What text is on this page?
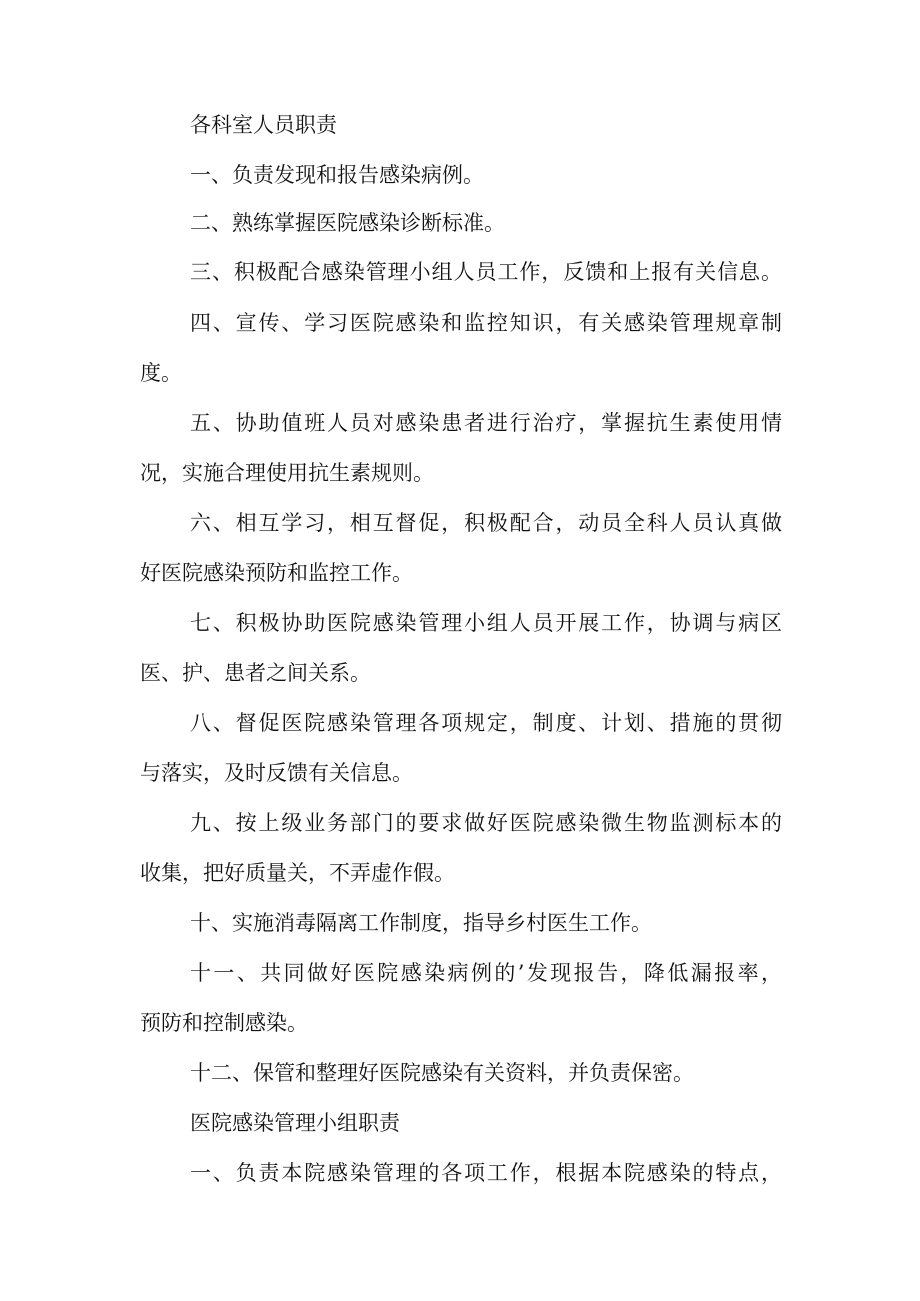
各科室人员职责
一、负责发现和报告感染病例。
二、熟练掌握医院感染诊断标准。
三、积极配合感染管理小组人员工作，反馈和上报有关信息。
四、宣传、学习医院感染和监控知识，有关感染管理规章制
度。
五、协助值班人员对感染患者进行治疗，掌握抗生素使用情
况，实施合理使用抗生素规则。
六、相互学习，相互督促，积极配合，动员全科人员认真做
好医院感染预防和监控工作。
七、积极协助医院感染管理小组人员开展工作，协调与病区
医、护、患者之间关系。
八、督促医院感染管理各项规定，制度、计划、措施的贯彻
与落实，及时反馈有关信息。
九、按上级业务部门的要求做好医院感染微生物监测标本的
收集，把好质量关，不弄虚作假。
十、实施消毒隔离工作制度，指导乡村医生工作。
十一、共同做好医院感染病例的’发现报告，降低漏报率，
预防和控制感染。
十二、保管和整理好医院感染有关资料，并负责保密。
医院感染管理小组职责
一、负责本院感染管理的各项工作，根据本院感染的特点，
